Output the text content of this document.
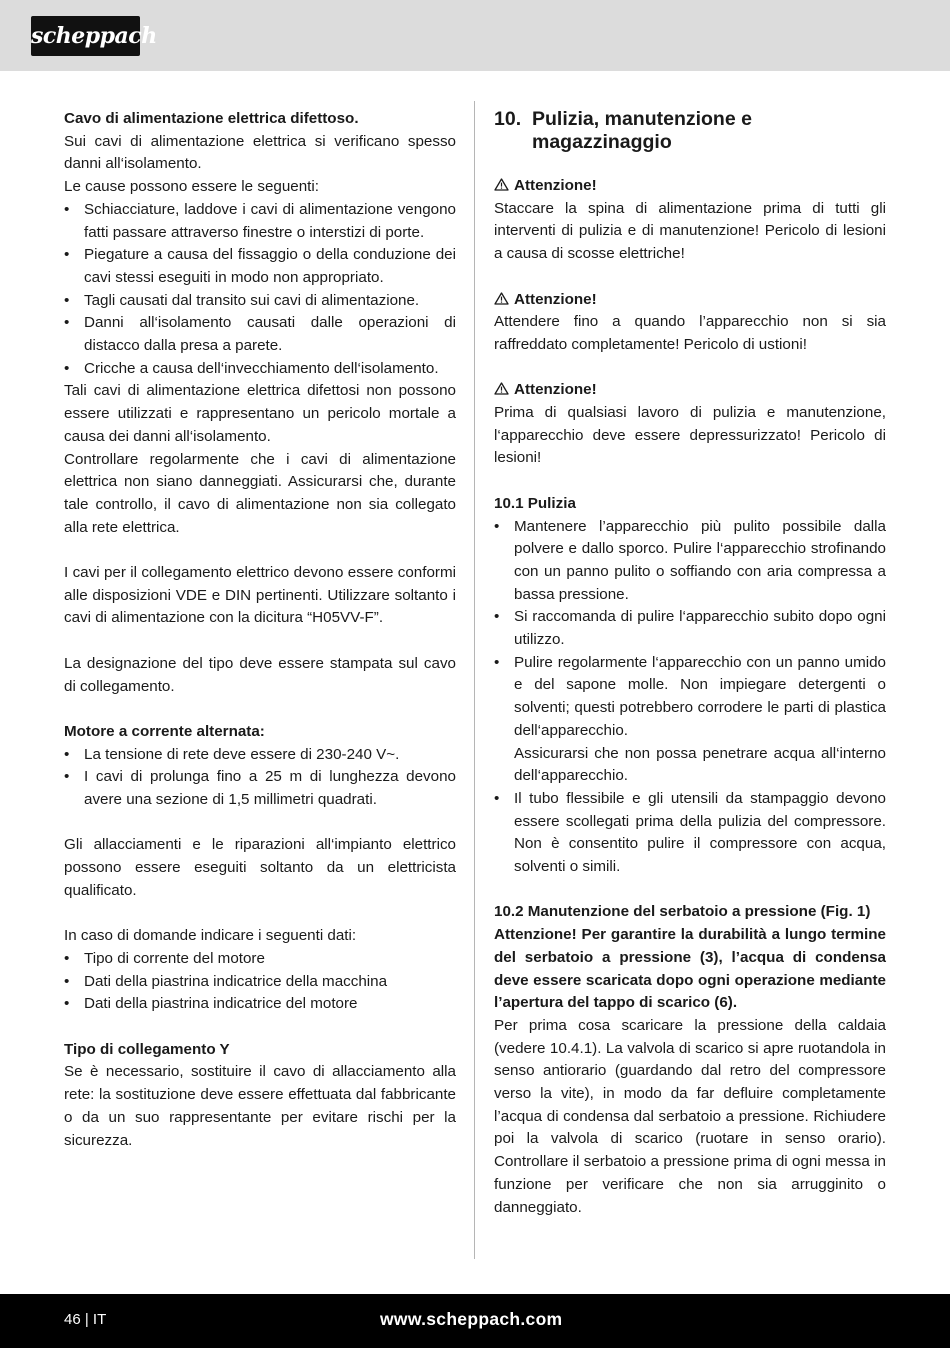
scheppach

Cavo di alimentazione elettrica difettoso.

Sui cavi di alimentazione elettrica si verificano spesso danni all‘isolamento.

Le cause possono essere le seguenti:

• Schiacciature, laddove i cavi di alimentazione vengono fatti passare attraverso finestre o interstizi di porte.
• Piegature a causa del fissaggio o della conduzione dei cavi stessi eseguiti in modo non appropriato.
• Tagli causati dal transito sui cavi di alimentazione.
• Danni all‘isolamento causati dalle operazioni di distacco dalla presa a parete.
• Cricche a causa dell‘invecchiamento dell‘isolamento.

Tali cavi di alimentazione elettrica difettosi non possono essere utilizzati e rappresentano un pericolo mortale a causa dei danni all‘isolamento.

Controllare regolarmente che i cavi di alimentazione elettrica non siano danneggiati. Assicurarsi che, durante tale controllo, il cavo di alimentazione non sia collegato alla rete elettrica.

I cavi per il collegamento elettrico devono essere conformi alle disposizioni VDE e DIN pertinenti. Utilizzare soltanto i cavi di alimentazione con la dicitura “H05VV-F”.

La designazione del tipo deve essere stampata sul cavo di collegamento.

Motore a corrente alternata:

• La tensione di rete deve essere di 230-240 V~.
• I cavi di prolunga fino a 25 m di lunghezza devono avere una sezione di 1,5 millimetri quadrati.

Gli allacciamenti e le riparazioni all‘impianto elettrico possono essere eseguiti soltanto da un elettricista qualificato.

In caso di domande indicare i seguenti dati:

• Tipo di corrente del motore
• Dati della piastrina indicatrice della macchina
• Dati della piastrina indicatrice del motore

Tipo di collegamento Y

Se è necessario, sostituire il cavo di allacciamento alla rete: la sostituzione deve essere effettuata dal fabbricante o da un suo rappresentante per evitare rischi per la sicurezza.

10. Pulizia, manutenzione e magazzinaggio

Attenzione!

Staccare la spina di alimentazione prima di tutti gli interventi di pulizia e di manutenzione! Pericolo di lesioni a causa di scosse elettriche!

Attenzione!

Attendere fino a quando l’apparecchio non si sia raffreddato completamente! Pericolo di ustioni!

Attenzione!

Prima di qualsiasi lavoro di pulizia e manutenzione, l‘apparecchio deve essere depressurizzato! Pericolo di lesioni!

10.1 Pulizia

• Mantenere l’apparecchio più pulito possibile dalla polvere e dallo sporco. Pulire l‘apparecchio strofinando con un panno pulito o soffiando con aria compressa a bassa pressione.
• Si raccomanda di pulire l‘apparecchio subito dopo ogni utilizzo.
• Pulire regolarmente l‘apparecchio con un panno umido e del sapone molle. Non impiegare detergenti o solventi; questi potrebbero corrodere le parti di plastica dell‘apparecchio.
Assicurarsi che non possa penetrare acqua all‘interno dell‘apparecchio.
• Il tubo flessibile e gli utensili da stampaggio devono essere scollegati prima della pulizia del compressore. Non è consentito pulire il compressore con acqua, solventi o simili.

10.2 Manutenzione del serbatoio a pressione (Fig. 1)

Attenzione! Per garantire la durabilità a lungo termine del serbatoio a pressione (3), l’acqua di condensa deve essere scaricata dopo ogni operazione mediante l’apertura del tappo di scarico (6).

Per prima cosa scaricare la pressione della caldaia (vedere 10.4.1). La valvola di scarico si apre ruotandola in senso antiorario (guardando dal retro del compressore verso la vite), in modo da far defluire completamente l’acqua di condensa dal serbatoio a pressione. Richiudere poi la valvola di scarico (ruotare in senso orario). Controllare il serbatoio a pressione prima di ogni messa in funzione per verificare che non sia arrugginito o danneggiato.

46 | IT	www.scheppach.com
